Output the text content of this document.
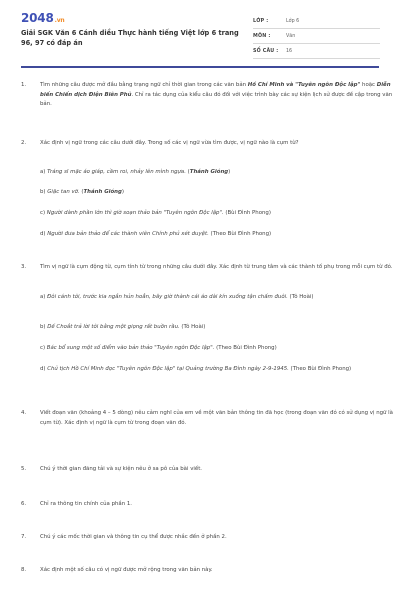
2048.vn
Giải SGK Văn 6 Cánh diều Thực hành tiếng Việt lớp 6 trang 96, 97 có đáp án
LỚP :	Lớp 6
MÔN :	Văn
SỐ CÂU :	16
1.	Tìm những câu được mở đầu bằng trạng ngữ chỉ thời gian trong các văn bản Hồ Chí Minh và "Tuyên ngôn Độc lập" hoặc Diễn biến Chiến dịch Điện Biên Phủ. Chỉ ra tác dụng của kiểu câu đó đối với việc trình bày các sự kiện lịch sử được đề cập trong văn bản.
2.	Xác định vị ngữ trong các câu dưới đây. Trong số các vị ngữ vừa tìm được, vị ngữ nào là cụm từ?
a) Tráng sĩ mặc áo giáp, cầm roi, nhảy lên mình ngựa. (Thánh Gióng)
b) Giặc tan vỡ. (Thánh Gióng)
c) Người dành phần lớn thì giờ soạn thảo bản "Tuyên ngôn Độc lập". (Bùi Đình Phong)
d) Người đưa bản thảo để các thành viên Chính phủ xét duyệt. (Theo Bùi Đình Phong)
3.	Tìm vị ngữ là cụm động từ, cụm tính từ trong những câu dưới đây. Xác định từ trung tâm và các thành tố phụ trong mỗi cụm từ đó.
a) Đôi cánh tôi, trước kia ngắn hủn hoẳn, bây giờ thành cái áo dài kín xuống tận chấm đuôi. (Tô Hoài)
b) Dế Choắt trả lời tôi bằng một giọng rất buồn rầu. (Tô Hoài)
c) Bác bổ sung một số điểm vào bản thảo "Tuyên ngôn Độc lập". (Theo Bùi Đình Phong)
d) Chủ tịch Hồ Chí Minh đọc "Tuyên ngôn Độc lập" tại Quảng trường Ba Đình ngày 2-9-1945. (Theo Bùi Đình Phong)
4.	Viết đoạn văn (khoảng 4 – 5 dòng) nêu cảm nghĩ của em về một văn bản thông tin đã học (trong đoạn văn đó có sử dụng vị ngữ là cụm từ). Xác định vị ngữ là cụm từ trong đoạn văn đó.
5.	Chú ý thời gian đăng tải và sự kiện nêu ở sa pô của bài viết.
6.	Chỉ ra thông tin chính của phần 1.
7.	Chú ý các mốc thời gian và thông tin cụ thể được nhắc đến ở phần 2.
8.	Xác định một số câu có vị ngữ được mở rộng trong văn bản này.
